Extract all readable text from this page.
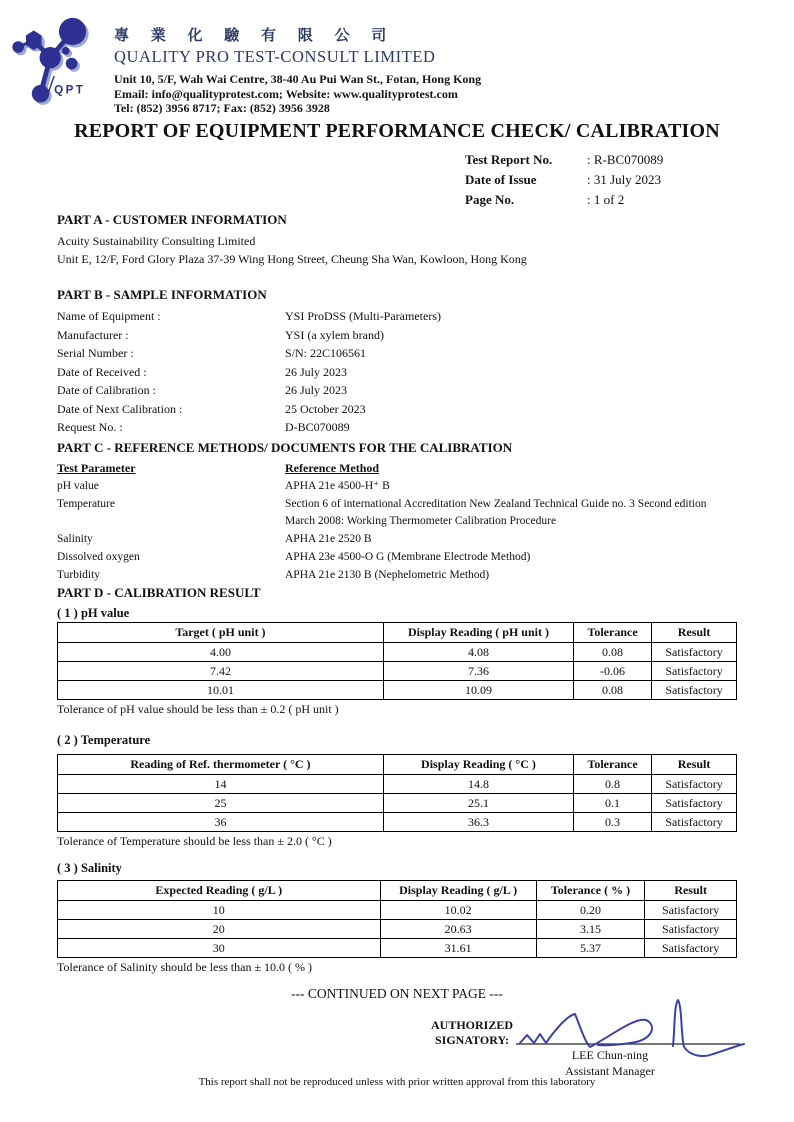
QPT
專 業 化 驗 有 限 公 司
QUALITY PRO TEST-CONSULT LIMITED
Unit 10, 5/F, Wah Wai Centre, 38-40 Au Pui Wan St., Fotan, Hong Kong
Email: info@qualityprotest.com; Website: www.qualityprotest.com
Tel: (852) 3956 8717; Fax: (852) 3956 3928
REPORT OF EQUIPMENT PERFORMANCE CHECK/ CALIBRATION
Test Report No.	: R-BC070089
Date of Issue	: 31 July 2023
Page No.	: 1 of 2
PART A - CUSTOMER INFORMATION
Acuity Sustainability Consulting Limited
Unit E, 12/F, Ford Glory Plaza 37-39 Wing Hong Street, Cheung Sha Wan, Kowloon, Hong Kong
PART B - SAMPLE INFORMATION
Name of Equipment :	YSI ProDSS (Multi-Parameters)
Manufacturer :	YSI (a xylem brand)
Serial Number :	S/N: 22C106561
Date of Received :	26 July 2023
Date of Calibration :	26 July 2023
Date of Next Calibration :	25 October 2023
Request No. :	D-BC070089
PART C - REFERENCE METHODS/ DOCUMENTS FOR THE CALIBRATION
Test Parameter	Reference Method
pH value	APHA 21e 4500-H⁺ B
Temperature	Section 6 of international Accreditation New Zealand Technical Guide no. 3 Second edition March 2008: Working Thermometer Calibration Procedure
Salinity	APHA 21e 2520 B
Dissolved oxygen	APHA 23e 4500-O G (Membrane Electrode Method)
Turbidity	APHA 21e 2130 B (Nephelometric Method)
PART D - CALIBRATION RESULT
( 1 ) pH value
Target ( pH unit )	Display Reading ( pH unit )	Tolerance	Result
4.00	4.08	0.08	Satisfactory
7.42	7.36	-0.06	Satisfactory
10.01	10.09	0.08	Satisfactory
Tolerance of pH value should be less than ± 0.2 ( pH unit )
( 2 ) Temperature
Reading of Ref. thermometer ( °C )	Display Reading ( °C )	Tolerance	Result
14	14.8	0.8	Satisfactory
25	25.1	0.1	Satisfactory
36	36.3	0.3	Satisfactory
Tolerance of Temperature should be less than ± 2.0 ( °C )
( 3 ) Salinity
Expected Reading ( g/L )	Display Reading ( g/L )	Tolerance ( % )	Result
10	10.02	0.20	Satisfactory
20	20.63	3.15	Satisfactory
30	31.61	5.37	Satisfactory
Tolerance of Salinity should be less than ± 10.0 ( % )
--- CONTINUED ON NEXT PAGE ---
AUTHORIZED
SIGNATORY:
LEE Chun-ning
Assistant Manager
This report shall not be reproduced unless with prior written approval from this laboratory
